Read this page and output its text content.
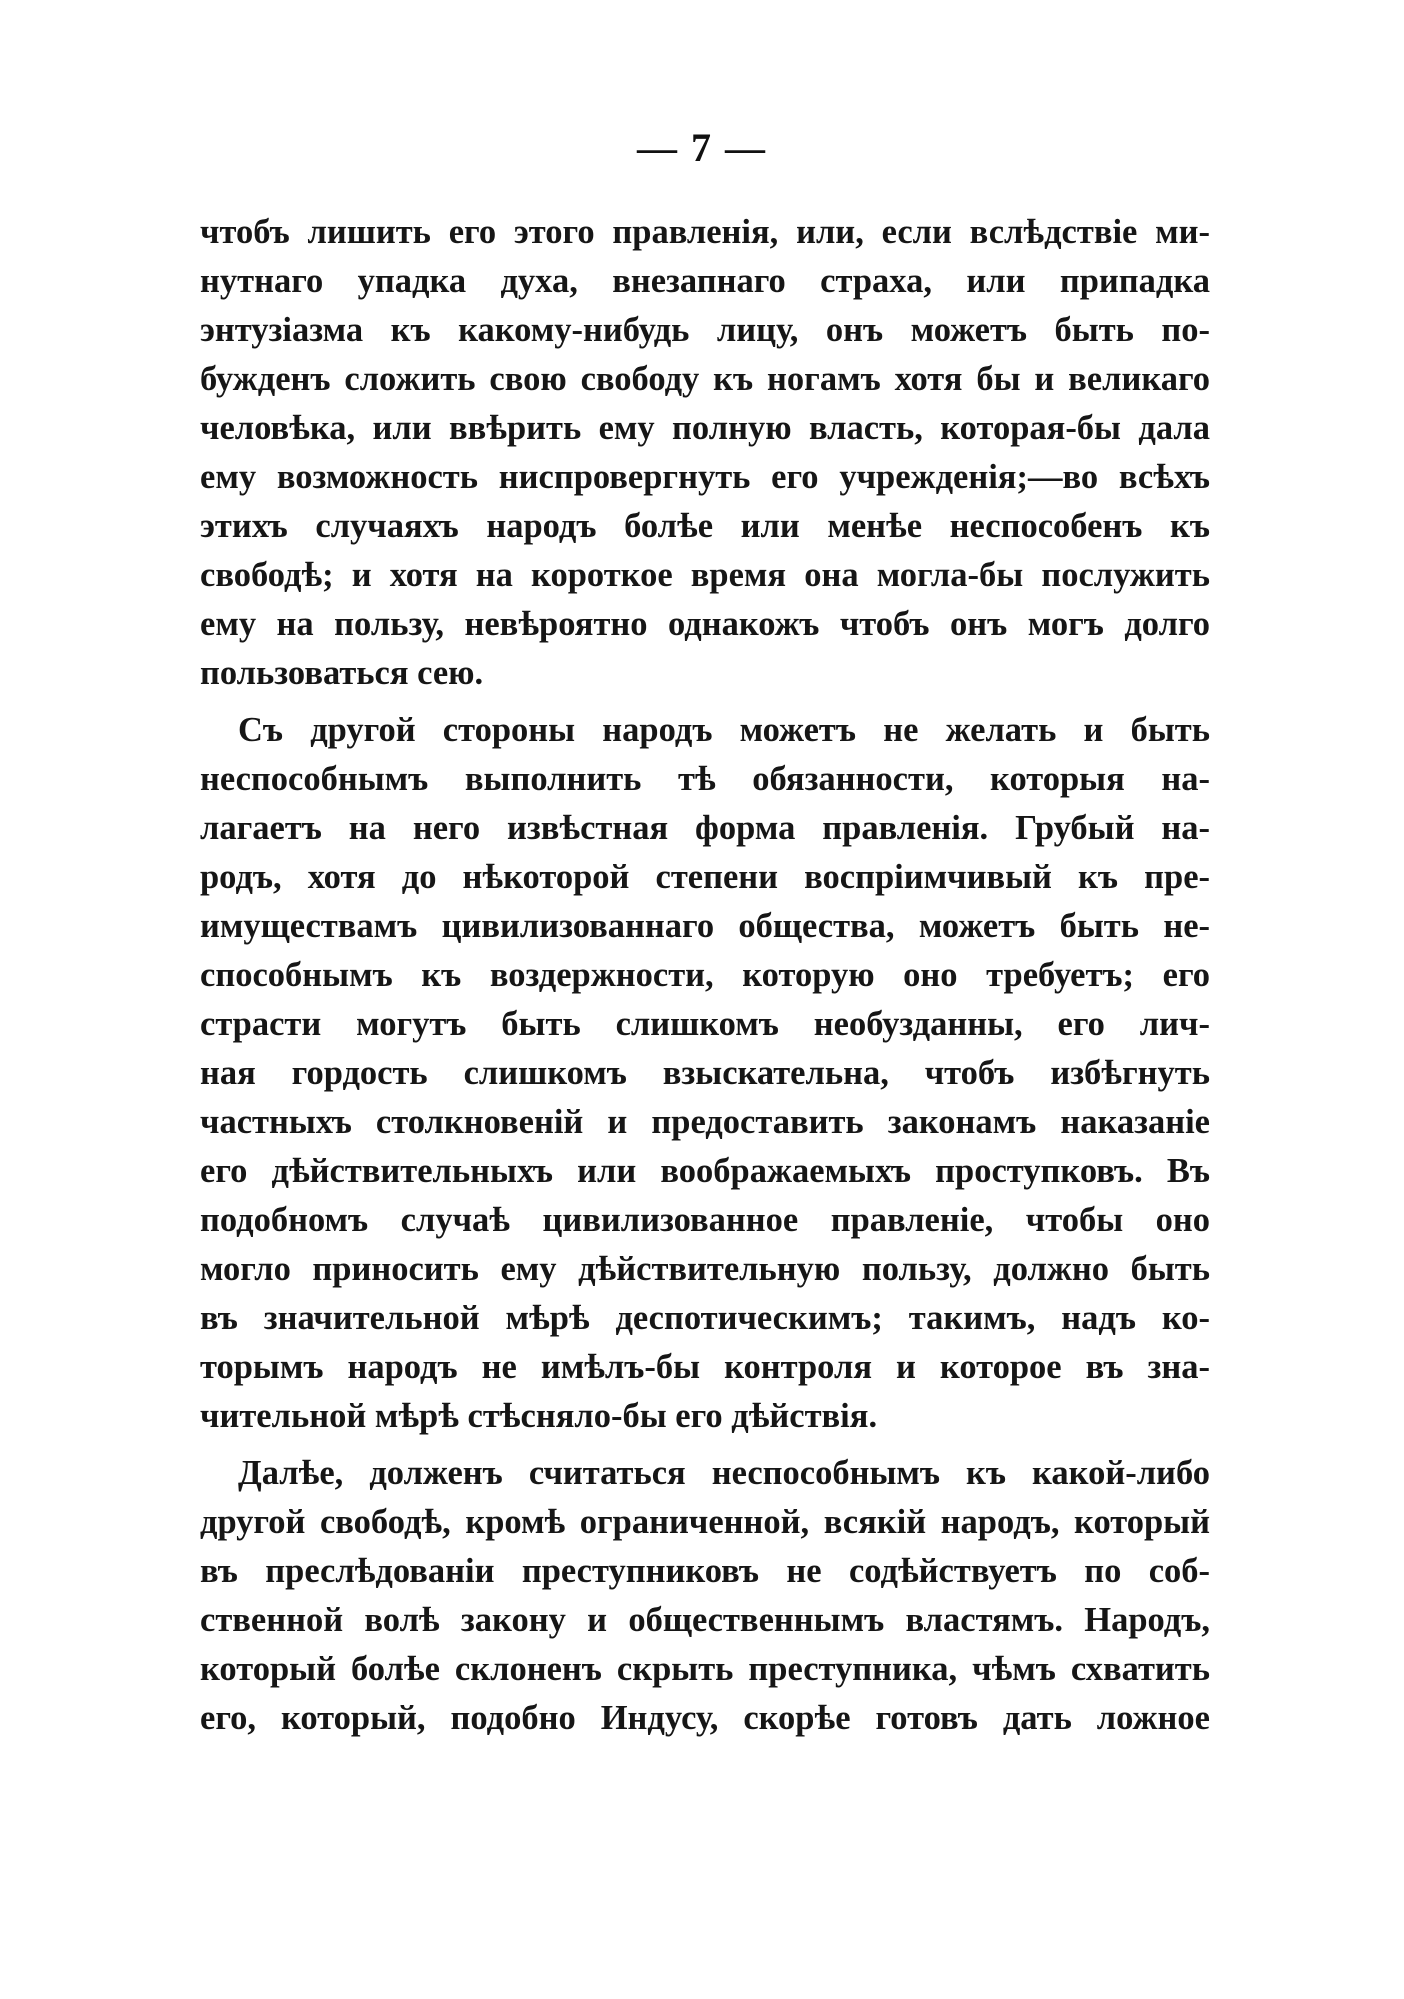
— 7 —
чтобъ лишить его этого правленія, или, если вслѣдствіе ми-
нутнаго упадка духа, внезапнаго страха, или припадка
энтузіазма къ какому-нибудь лицу, онъ можетъ быть по-
бужденъ сложить свою свободу къ ногамъ хотя бы и великаго
человѣка, или ввѣрить ему полную власть, которая-бы дала
ему возможность ниспровергнуть его учрежденія;—во всѣхъ
этихъ случаяхъ народъ болѣе или менѣе неспособенъ къ
свободѣ; и хотя на короткое время она могла-бы послужить
ему на пользу, невѣроятно однакожъ чтобъ онъ могъ долго
пользоваться сею.
Съ другой стороны народъ можетъ не желать и быть
неспособнымъ выполнить тѣ обязанности, которыя на-
лагаетъ на него извѣстная форма правленія. Грубый на-
родъ, хотя до нѣкоторой степени воспріимчивый къ пре-
имуществамъ цивилизованнаго общества, можетъ быть не-
способнымъ къ воздержности, которую оно требуетъ; его
страсти могутъ быть слишкомъ необузданны, его лич-
ная гордость слишкомъ взыскательна, чтобъ избѣгнуть
частныхъ столкновеній и предоставить законамъ наказаніе
его дѣйствительныхъ или воображаемыхъ проступковъ. Въ
подобномъ случаѣ цивилизованное правленіе, чтобы оно
могло приносить ему дѣйствительную пользу, должно быть
въ значительной мѣрѣ деспотическимъ; такимъ, надъ ко-
торымъ народъ не имѣлъ-бы контроля и которое въ зна-
чительной мѣрѣ стѣсняло-бы его дѣйствія.
Далѣе, долженъ считаться неспособнымъ къ какой-либо
другой свободѣ, кромѣ ограниченной, всякій народъ, который
въ преслѣдованіи преступниковъ не содѣйствуетъ по соб-
ственной волѣ закону и общественнымъ властямъ. Народъ,
который болѣе склоненъ скрыть преступника, чѣмъ схватить
его, который, подобно Индусу, скорѣе готовъ дать ложное
